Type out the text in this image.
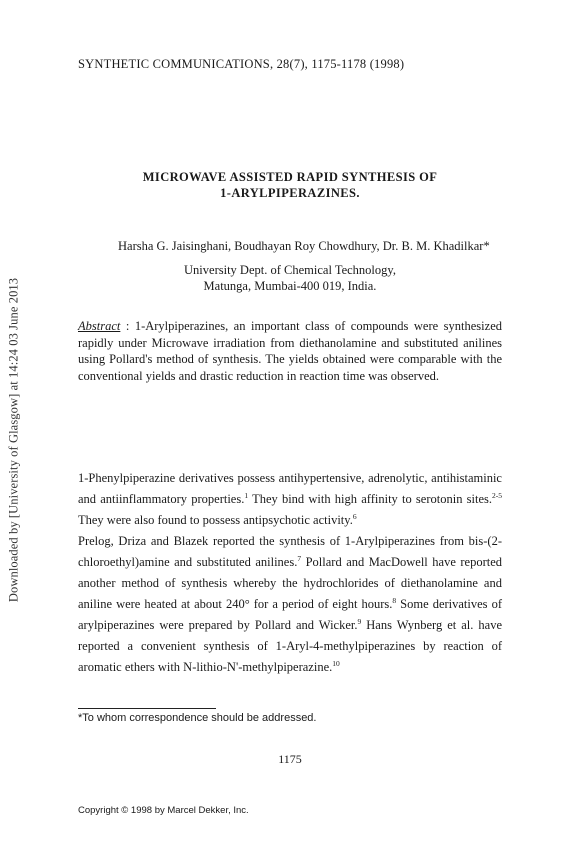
Downloaded by [University of Glasgow] at 14:24 03 June 2013
SYNTHETIC COMMUNICATIONS, 28(7), 1175-1178 (1998)
MICROWAVE ASSISTED RAPID SYNTHESIS OF
1-ARYLPIPERAZINES.
Harsha G. Jaisinghani, Boudhayan Roy Chowdhury, Dr. B. M. Khadilkar*
University Dept. of Chemical Technology,
Matunga, Mumbai-400 019, India.
Abstract : 1-Arylpiperazines, an important class of compounds were synthesized rapidly under Microwave irradiation from diethanolamine and substituted anilines using Pollard's method of synthesis. The yields obtained were comparable with the conventional yields and drastic reduction in reaction time was observed.

1-Phenylpiperazine derivatives possess antihypertensive, adrenolytic, antihistaminic and antiinflammatory properties.$^1$ They bind with high affinity to serotonin sites.$^{2-5}$ They were also found to possess antipsychotic activity.$^6$

Prelog, Driza and Blazek reported the synthesis of 1-Arylpiperazines from bis-(2-chloroethyl)amine and substituted anilines.$^7$ Pollard and MacDowell have reported another method of synthesis whereby the hydrochlorides of diethanolamine and aniline were heated at about 240° for a period of eight hours.$^8$ Some derivatives of arylpiperazines were prepared by Pollard and Wicker.$^9$ Hans Wynberg et al. have reported a convenient synthesis of 1-Aryl-4-methylpiperazines by reaction of aromatic ethers with N-lithio-N'-methylpiperazine.$^{10}$

*To whom correspondence should be addressed.
1175
Copyright © 1998 by Marcel Dekker, Inc.
